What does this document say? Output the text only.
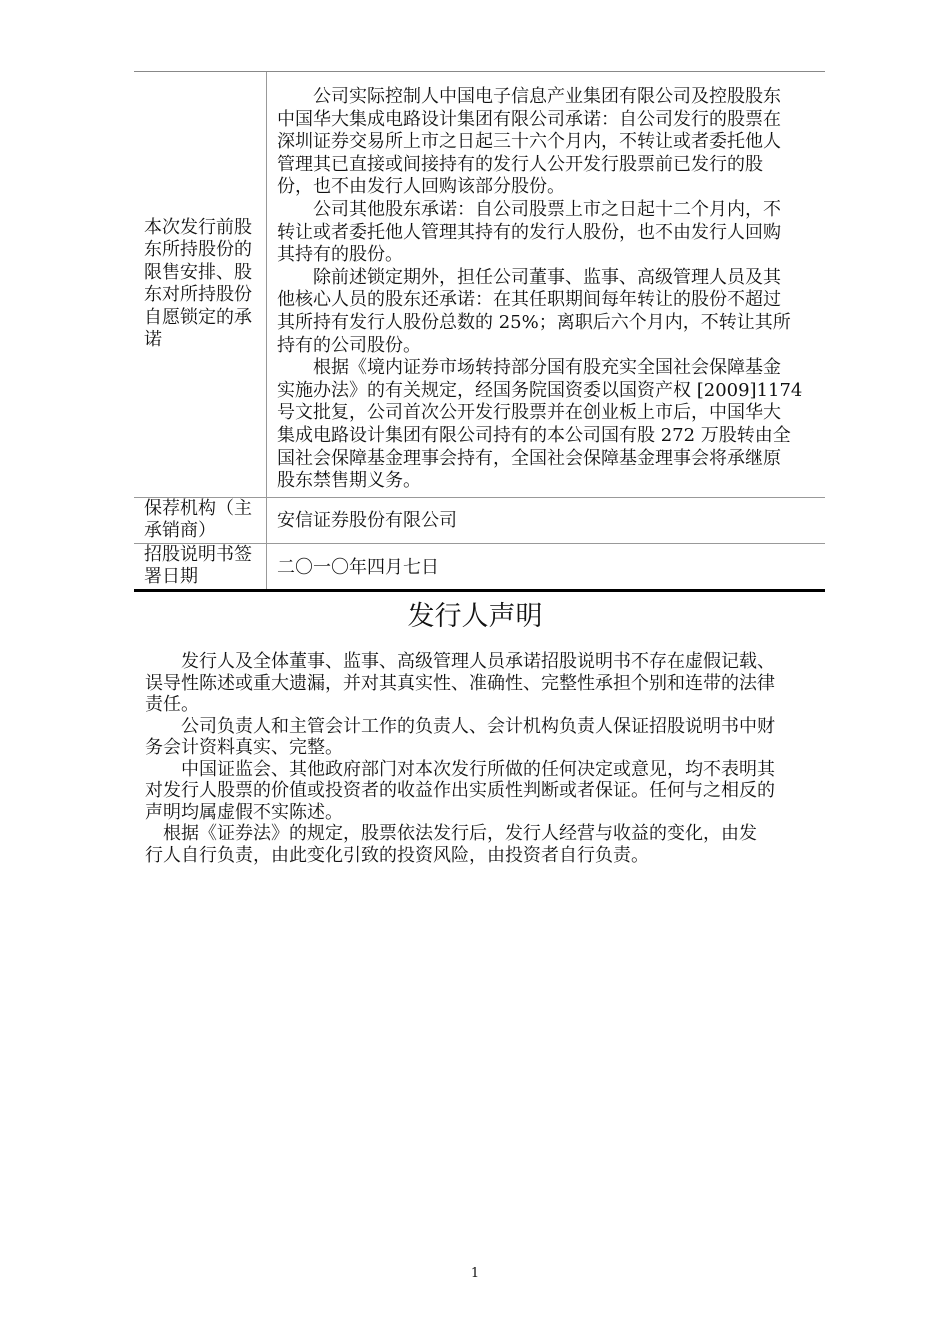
本次发行前股
东所持股份的
限售安排、股
东对所持股份
自愿锁定的承
诺
公司实际控制人中国电子信息产业集团有限公司及控股股东
中国华大集成电路设计集团有限公司承诺：自公司发行的股票在
深圳证券交易所上市之日起三十六个月内，不转让或者委托他人
管理其已直接或间接持有的发行人公开发行股票前已发行的股
份，也不由发行人回购该部分股份。
公司其他股东承诺：自公司股票上市之日起十二个月内，不
转让或者委托他人管理其持有的发行人股份，也不由发行人回购
其持有的股份。
除前述锁定期外，担任公司董事、监事、高级管理人员及其
他核心人员的股东还承诺：在其任职期间每年转让的股份不超过
其所持有发行人股份总数的 25%；离职后六个月内，不转让其所
持有的公司股份。
根据《境内证券市场转持部分国有股充实全国社会保障基金
实施办法》的有关规定，经国务院国资委以国资产权 [2009]1174
号文批复，公司首次公开发行股票并在创业板上市后，中国华大
集成电路设计集团有限公司持有的本公司国有股 272 万股转由全
国社会保障基金理事会持有，全国社会保障基金理事会将承继原
股东禁售期义务。
保荐机构（主
承销商）	安信证券股份有限公司
招股说明书签
署日期	二〇一〇年四月七日
发行人声明
　　发行人及全体董事、监事、高级管理人员承诺招股说明书不存在虚假记载、
误导性陈述或重大遗漏，并对其真实性、准确性、完整性承担个别和连带的法律
责任。
　　公司负责人和主管会计工作的负责人、会计机构负责人保证招股说明书中财
务会计资料真实、完整。
　　中国证监会、其他政府部门对本次发行所做的任何决定或意见，均不表明其
对发行人股票的价值或投资者的收益作出实质性判断或者保证。任何与之相反的
声明均属虚假不实陈述。
　根据《证券法》的规定，股票依法发行后，发行人经营与收益的变化，由发
行人自行负责，由此变化引致的投资风险，由投资者自行负责。
1
